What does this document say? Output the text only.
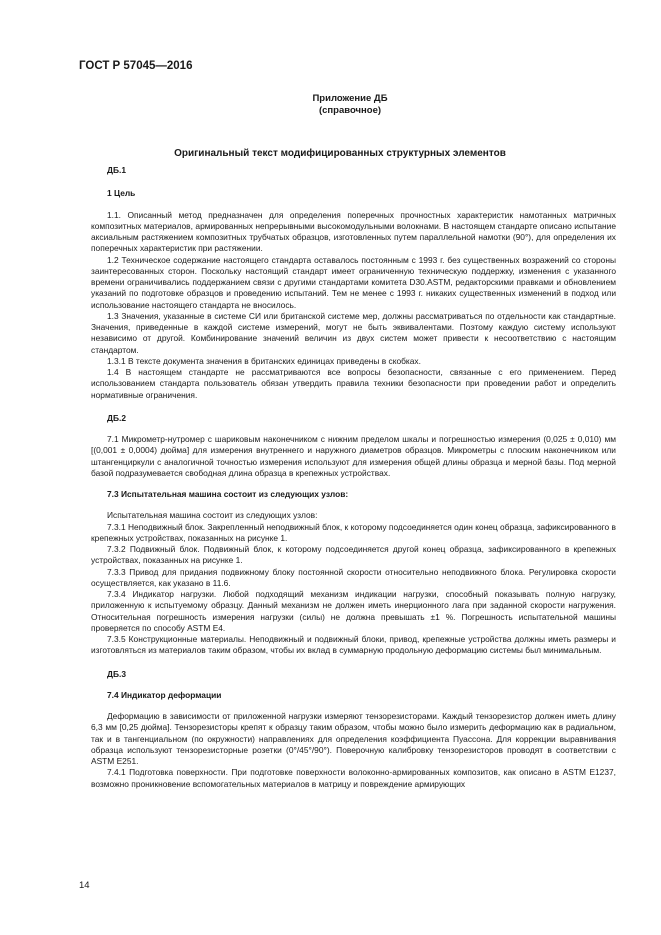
ГОСТ Р 57045—2016
Приложение ДБ
(справочное)
Оригинальный текст модифицированных структурных элементов
ДБ.1
1 Цель

1.1. Описанный метод предназначен для определения поперечных прочностных характеристик намотанных матричных композитных материалов, армированных непрерывными высокомодульными волокнами. В настоящем стандарте описано испытание аксиальным растяжением композитных трубчатых образцов, изготовленных путем параллельной намотки (90°), для определения их поперечных характеристик при растяжении.

1.2 Техническое содержание настоящего стандарта оставалось постоянным с 1993 г. без существенных возражений со стороны заинтересованных сторон. Поскольку настоящий стандарт имеет ограниченную техническую поддержку, изменения с указанного времени ограничивались поддержанием связи с другими стандартами комитета D30.ASTM, редакторскими правками и обновлением указаний по подготовке образцов и проведению испытаний. Тем не менее с 1993 г. никаких существенных изменений в подход или использование настоящего стандарта не вносилось.

1.3 Значения, указанные в системе СИ или британской системе мер, должны рассматриваться по отдельности как стандартные. Значения, приведенные в каждой системе измерений, могут не быть эквивалентами. Поэтому каждую систему используют независимо от другой. Комбинирование значений величин из двух систем может привести к несоответствию с настоящим стандартом.

1.3.1 В тексте документа значения в британских единицах приведены в скобках.

1.4 В настоящем стандарте не рассматриваются все вопросы безопасности, связанные с его применением. Перед использованием стандарта пользователь обязан утвердить правила техники безопасности при проведении работ и определить нормативные ограничения.

ДБ.2

7.1 Микрометр-нутромер с шариковым наконечником с нижним пределом шкалы и погрешностью измерения (0,025 ± 0,010) мм [(0,001 ± 0,0004) дюйма] для измерения внутреннего и наружного диаметров образцов. Микрометры с плоским наконечником или штангенциркули с аналогичной точностью измерения используют для измерения общей длины образца и мерной базы. Под мерной базой подразумевается свободная длина образца в крепежных устройствах.

7.3 Испытательная машина состоит из следующих узлов:

Испытательная машина состоит из следующих узлов:

7.3.1 Неподвижный блок. Закрепленный неподвижный блок, к которому подсоединяется один конец образца, зафиксированного в крепежных устройствах, показанных на рисунке 1.

7.3.2 Подвижный блок. Подвижный блок, к которому подсоединяется другой конец образца, зафиксированного в крепежных устройствах, показанных на рисунке 1.

7.3.3 Привод для придания подвижному блоку постоянной скорости относительно неподвижного блока. Регулировка скорости осуществляется, как указано в 11.6.

7.3.4 Индикатор нагрузки. Любой подходящий механизм индикации нагрузки, способный показывать полную нагрузку, приложенную к испытуемому образцу. Данный механизм не должен иметь инерционного лага при заданной скорости нагружения. Относительная погрешность измерения нагрузки (силы) не должна превышать ±1 %. Погрешность испытательной машины проверяется по способу ASTM E4.

7.3.5 Конструкционные материалы. Неподвижный и подвижный блоки, привод, крепежные устройства должны иметь размеры и изготовляться из материалов таким образом, чтобы их вклад в суммарную продольную деформацию системы был минимальным.

ДБ.3
7.4 Индикатор деформации

Деформацию в зависимости от приложенной нагрузки измеряют тензорезисторами. Каждый тензорезистор должен иметь длину 6,3 мм [0,25 дюйма]. Тензорезисторы крепят к образцу таким образом, чтобы можно было измерить деформацию как в радиальном, так и в тангенциальном (по окружности) направлениях для определения коэффициента Пуассона. Для коррекции выравнивания образца используют тензорезисторные розетки (0°/45°/90°). Поверочную калибровку тензорезисторов проводят в соответствии с ASTM E251.

7.4.1 Подготовка поверхности. При подготовке поверхности волоконно-армированных композитов, как описано в ASTM E1237, возможно проникновение вспомогательных материалов в матрицу и повреждение армирующих

14
